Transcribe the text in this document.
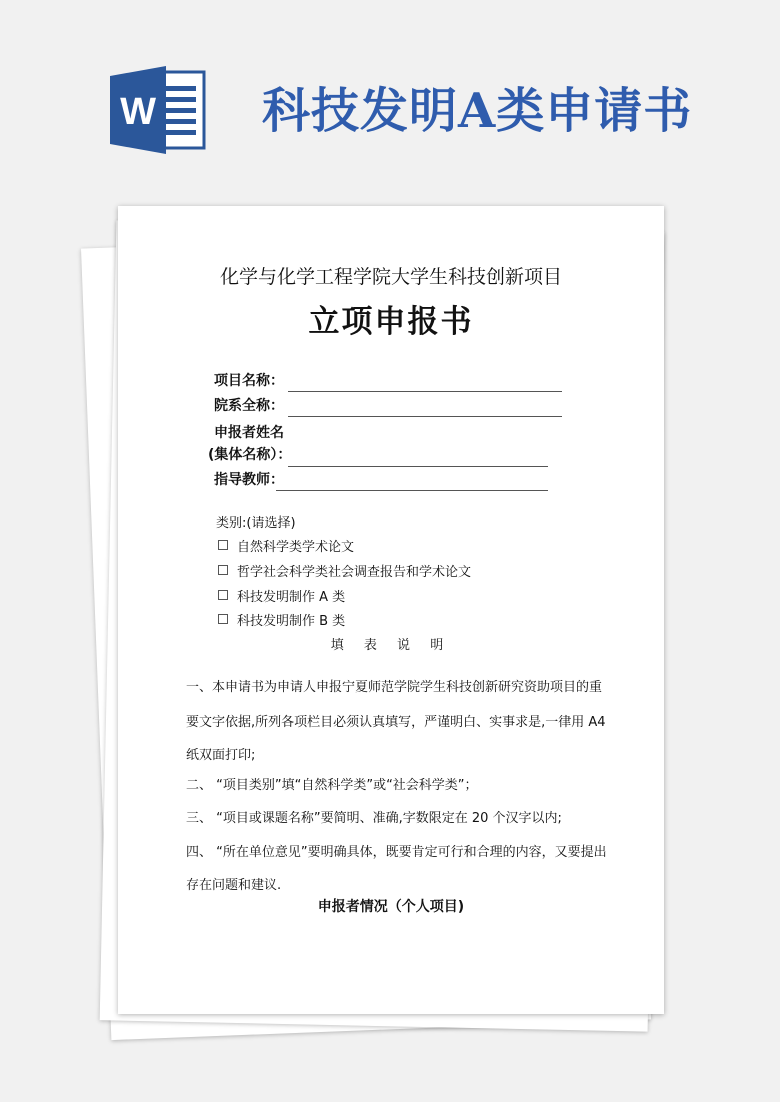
W 科技发明A类申请书
化学与化学工程学院大学生科技创新项目
立项申报书
项目名称：
院系全称：
申报者姓名
(集体名称）：
指导教师：
类别:(请选择)
自然科学类学术论文
哲学社会科学类社会调查报告和学术论文
科技发明制作 A 类
科技发明制作 B 类
填 表 说 明
一、本申请书为申请人申报宁夏师范学院学生科技创新研究资助项目的重
要文字依据,所列各项栏目必须认真填写，严谨明白、实事求是,一律用 A4
纸双面打印;
二、 “项目类别”填“自然科学类”或“社会科学类”；
三、 “项目或课题名称”要简明、准确,字数限定在 20 个汉字以内;
四、 “所在单位意见”要明确具体，既要肯定可行和合理的内容，又要提出
存在问题和建议.
申报者情况（个人项目)
